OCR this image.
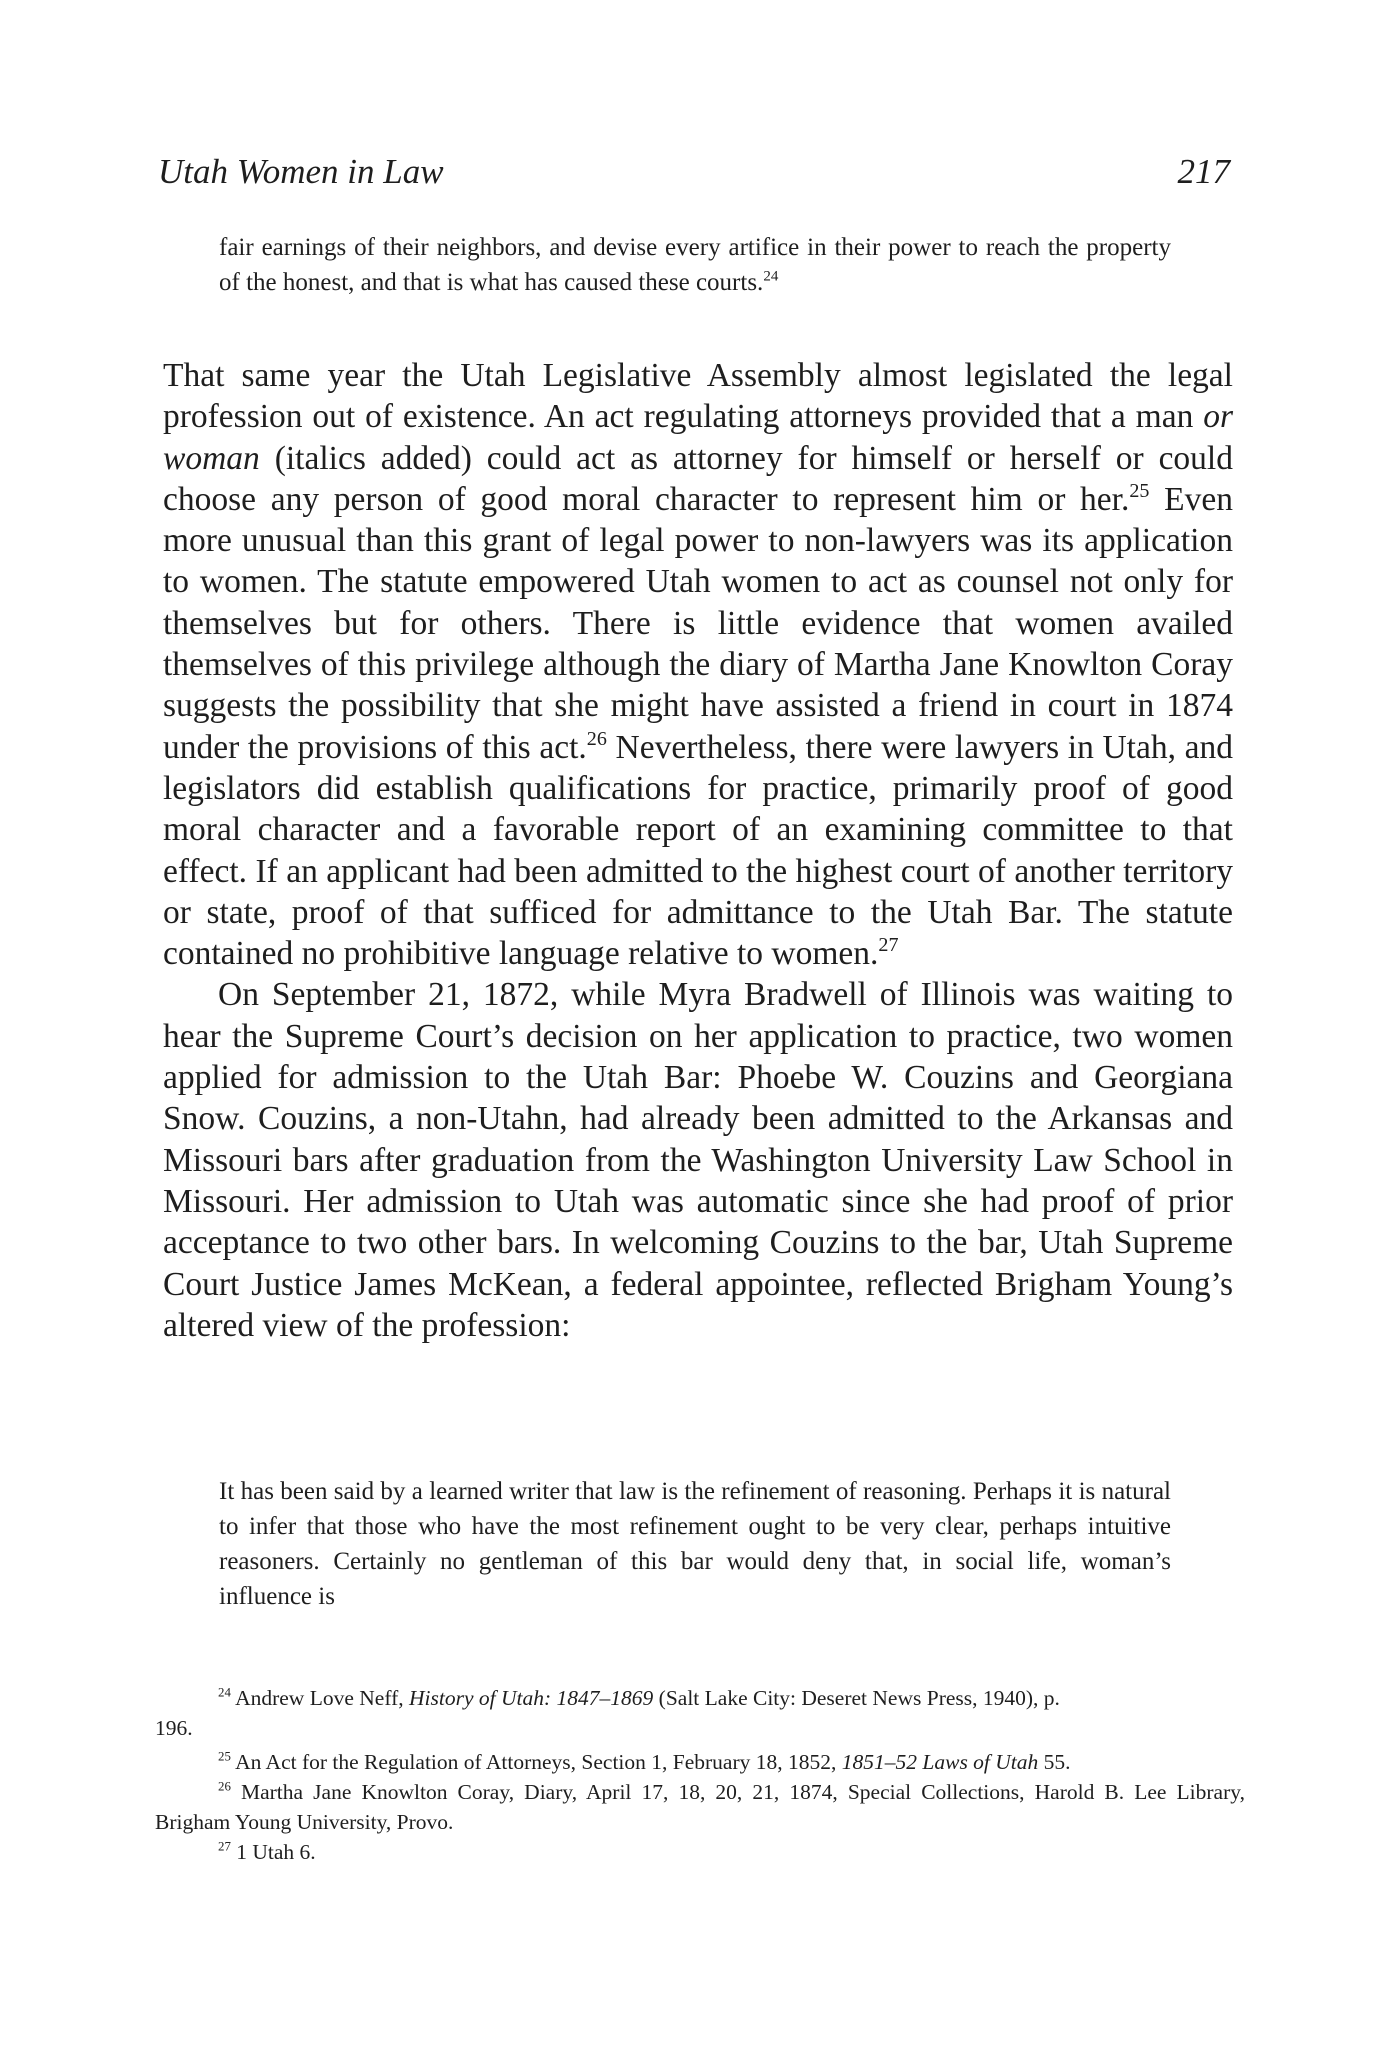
Utah Women in Law	217
fair earnings of their neighbors, and devise every artifice in their power to reach the property of the honest, and that is what has caused these courts.$^{24}$

That same year the Utah Legislative Assembly almost legislated the legal profession out of existence. An act regulating attorneys provided that a man or woman (italics added) could act as attorney for himself or herself or could choose any person of good moral character to represent him or her.$^{25}$ Even more unusual than this grant of legal power to non-lawyers was its application to women. The statute empowered Utah women to act as counsel not only for themselves but for others. There is little evidence that women availed themselves of this privilege although the diary of Martha Jane Knowlton Coray suggests the possibility that she might have assisted a friend in court in 1874 under the provisions of this act.$^{26}$ Nevertheless, there were lawyers in Utah, and legislators did establish qualifications for practice, primarily proof of good moral character and a favorable report of an examining committee to that effect. If an applicant had been admitted to the highest court of another territory or state, proof of that sufficed for admittance to the Utah Bar. The statute contained no prohibitive language relative to women.$^{27}$

On September 21, 1872, while Myra Bradwell of Illinois was waiting to hear the Supreme Court’s decision on her application to practice, two women applied for admission to the Utah Bar: Phoebe W. Couzins and Georgiana Snow. Couzins, a non-Utahn, had already been admitted to the Arkansas and Missouri bars after graduation from the Washington University Law School in Missouri. Her admission to Utah was automatic since she had proof of prior acceptance to two other bars. In welcoming Couzins to the bar, Utah Supreme Court Justice James McKean, a federal appointee, reflected Brigham Young’s altered view of the profession:

It has been said by a learned writer that law is the refinement of reasoning. Perhaps it is natural to infer that those who have the most refinement ought to be very clear, perhaps intuitive reasoners. Certainly no gentleman of this bar would deny that, in social life, woman’s influence is

$^{24}$ Andrew Love Neff, History of Utah: 1847–1869 (Salt Lake City: Deseret News Press, 1940), p.

196.

$^{25}$ An Act for the Regulation of Attorneys, Section 1, February 18, 1852, 1851–52 Laws of Utah 55.

$^{26}$ Martha Jane Knowlton Coray, Diary, April 17, 18, 20, 21, 1874, Special Collections, Harold B. Lee Library, Brigham Young University, Provo.

$^{27}$ 1 Utah 6.
